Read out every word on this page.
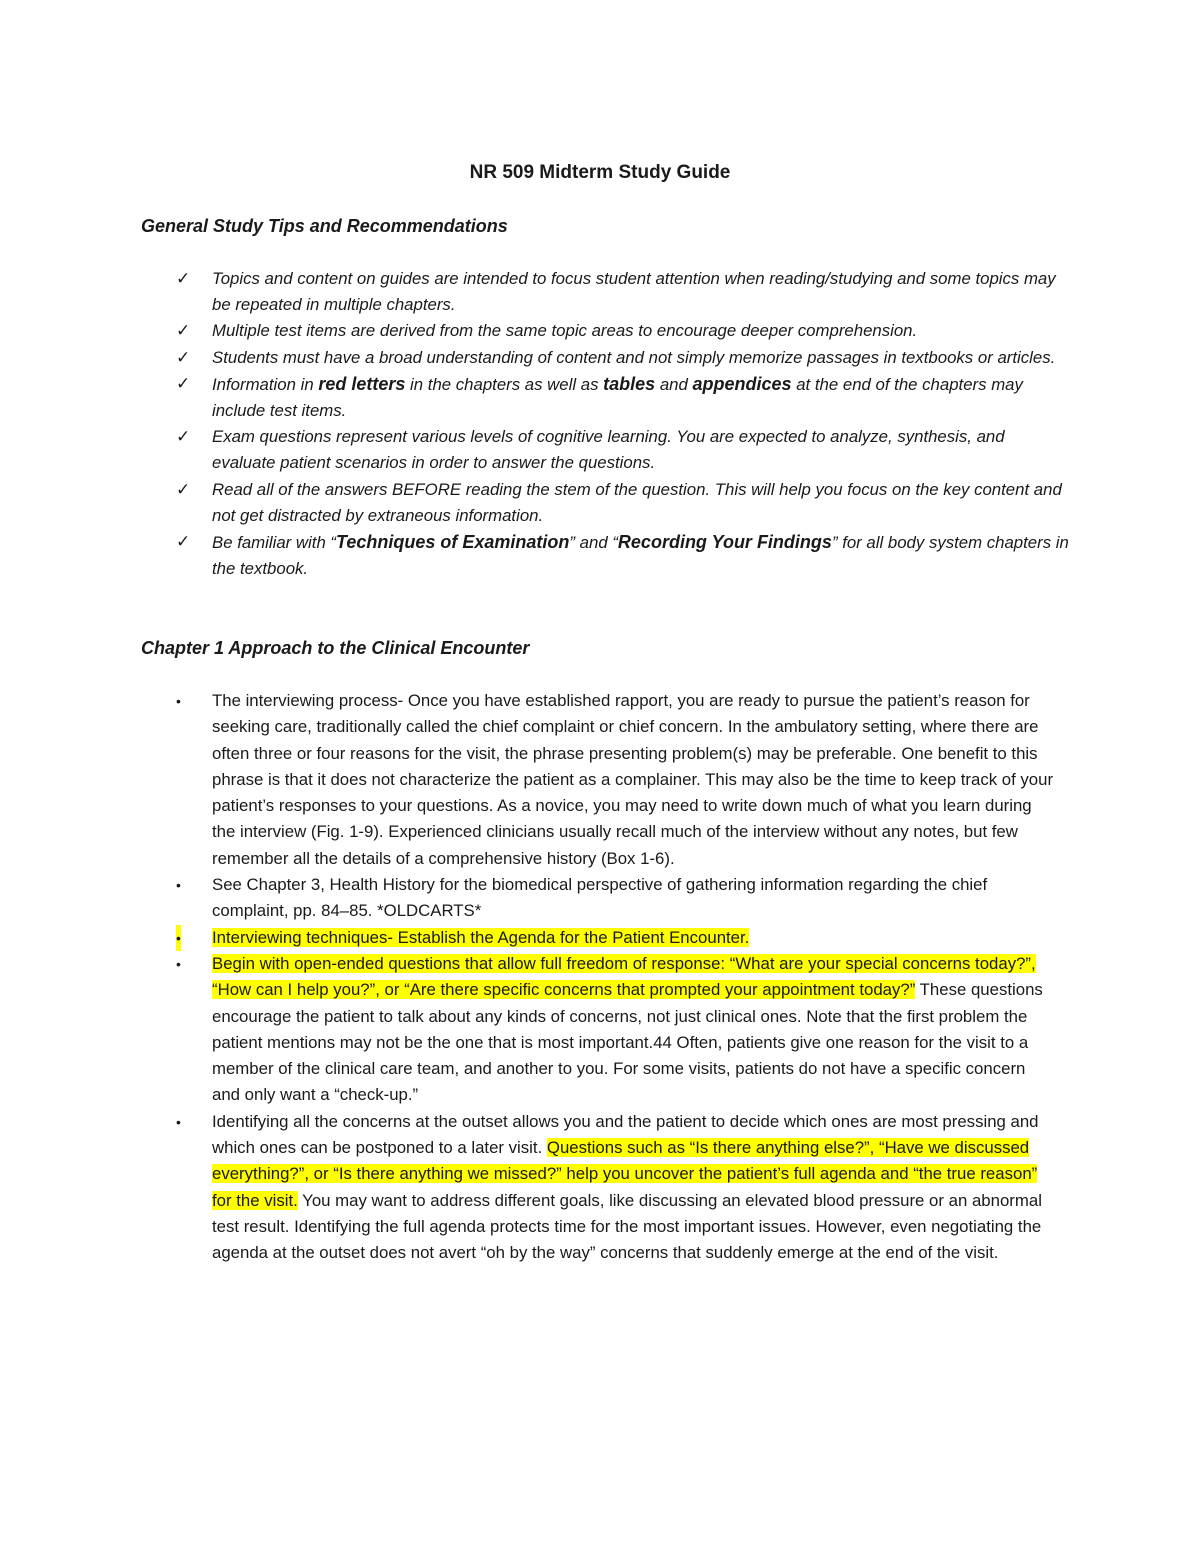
NR 509 Midterm Study Guide
General Study Tips and Recommendations
✓ Topics and content on guides are intended to focus student attention when reading/studying and some topics may be repeated in multiple chapters.
✓ Multiple test items are derived from the same topic areas to encourage deeper comprehension.
✓ Students must have a broad understanding of content and not simply memorize passages in textbooks or articles.
✓ Information in red letters in the chapters as well as tables and appendices at the end of the chapters may include test items.
✓ Exam questions represent various levels of cognitive learning. You are expected to analyze, synthesis, and evaluate patient scenarios in order to answer the questions.
✓ Read all of the answers BEFORE reading the stem of the question. This will help you focus on the key content and not get distracted by extraneous information.
✓ Be familiar with “Techniques of Examination” and “Recording Your Findings” for all body system chapters in the textbook.
Chapter 1 Approach to the Clinical Encounter
• The interviewing process- Once you have established rapport, you are ready to pursue the patient’s reason for seeking care, traditionally called the chief complaint or chief concern. In the ambulatory setting, where there are often three or four reasons for the visit, the phrase presenting problem(s) may be preferable. One benefit to this phrase is that it does not characterize the patient as a complainer. This may also be the time to keep track of your patient’s responses to your questions. As a novice, you may need to write down much of what you learn during the interview (Fig. 1-9). Experienced clinicians usually recall much of the interview without any notes, but few remember all the details of a comprehensive history (Box 1-6).
• See Chapter 3, Health History for the biomedical perspective of gathering information regarding the chief complaint, pp. 84–85. *OLDCARTS*
• Interviewing techniques- Establish the Agenda for the Patient Encounter.
• Begin with open-ended questions that allow full freedom of response: “What are your special concerns today?”, “How can I help you?”, or “Are there specific concerns that prompted your appointment today?” These questions encourage the patient to talk about any kinds of concerns, not just clinical ones. Note that the first problem the patient mentions may not be the one that is most important.44 Often, patients give one reason for the visit to a member of the clinical care team, and another to you. For some visits, patients do not have a specific concern and only want a “check-up.”
• Identifying all the concerns at the outset allows you and the patient to decide which ones are most pressing and which ones can be postponed to a later visit. Questions such as “Is there anything else?”, “Have we discussed everything?”, or “Is there anything we missed?” help you uncover the patient’s full agenda and “the true reason” for the visit. You may want to address different goals, like discussing an elevated blood pressure or an abnormal test result. Identifying the full agenda protects time for the most important issues. However, even negotiating the agenda at the outset does not avert “oh by the way” concerns that suddenly emerge at the end of the visit.
